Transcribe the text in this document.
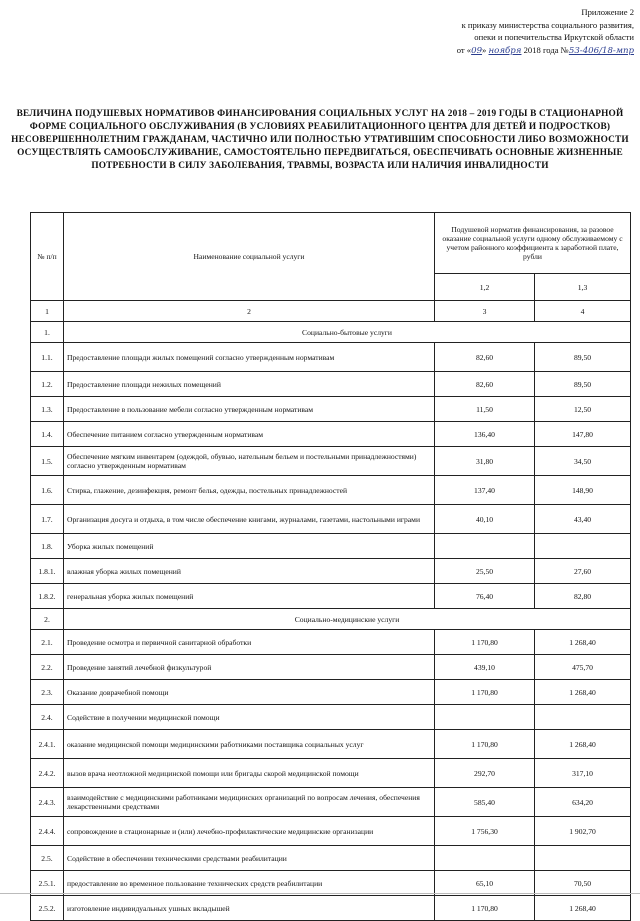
Приложение 2
к приказу министерства социального развития,
опеки и попечительства Иркутской области
от «09» ноября 2018 года №53-406/18-мпр
ВЕЛИЧИНА ПОДУШЕВЫХ НОРМАТИВОВ ФИНАНСИРОВАНИЯ СОЦИАЛЬНЫХ УСЛУГ НА 2018 – 2019 ГОДЫ В СТАЦИОНАРНОЙ ФОРМЕ СОЦИАЛЬНОГО ОБСЛУЖИВАНИЯ (В УСЛОВИЯХ РЕАБИЛИТАЦИОННОГО ЦЕНТРА ДЛЯ ДЕТЕЙ И ПОДРОСТКОВ) НЕСОВЕРШЕННОЛЕТНИМ ГРАЖДАНАМ, ЧАСТИЧНО ИЛИ ПОЛНОСТЬЮ УТРАТИВШИМ СПОСОБНОСТИ ЛИБО ВОЗМОЖНОСТИ ОСУЩЕСТВЛЯТЬ САМООБСЛУЖИВАНИЕ, САМОСТОЯТЕЛЬНО ПЕРЕДВИГАТЬСЯ, ОБЕСПЕЧИВАТЬ ОСНОВНЫЕ ЖИЗНЕННЫЕ ПОТРЕБНОСТИ В СИЛУ ЗАБОЛЕВАНИЯ, ТРАВМЫ, ВОЗРАСТА ИЛИ НАЛИЧИЯ ИНВАЛИДНОСТИ
№ п/п	Наименование социальной услуги	Подушевой норматив финансирования, за разовое оказание социальной услуги одному обслуживаемому с учетом районного коэффициента к заработной плате, рубли	
		1,2	1,3
1	2	3	4
1.	Социально-бытовые услуги		
1.1.	Предоставление площади жилых помещений согласно утвержденным нормативам	82,60	89,50
1.2.	Предоставление площади нежилых помещений	82,60	89,50
1.3.	Предоставление в пользование мебели согласно утвержденным нормативам	11,50	12,50
1.4.	Обеспечение питанием согласно утвержденным нормативам	136,40	147,80
1.5.	Обеспечение мягким инвентарем (одеждой, обувью, нательным бельем и постельными принадлежностями) согласно утвержденным нормативам	31,80	34,50
1.6.	Стирка, глажение, дезинфекция, ремонт белья, одежды, постельных принадлежностей	137,40	148,90
1.7.	Организация досуга и отдыха, в том числе обеспечение книгами, журналами, газетами, настольными играми	40,10	43,40
1.8.	Уборка жилых помещений		
1.8.1.	влажная уборка жилых помещений	25,50	27,60
1.8.2.	генеральная уборка жилых помещений	76,40	82,80
2.	Социально-медицинские услуги		
2.1.	Проведение осмотра и первичной санитарной обработки	1 170,80	1 268,40
2.2.	Проведение занятий лечебной физкультурой	439,10	475,70
2.3.	Оказание доврачебной помощи	1 170,80	1 268,40
2.4.	Содействие в получении медицинской помощи		
2.4.1.	оказание медицинской помощи медицинскими работниками поставщика социальных услуг	1 170,80	1 268,40
2.4.2.	вызов врача неотложной медицинской помощи или бригады скорой медицинской помощи	292,70	317,10
2.4.3.	взаимодействие с медицинскими работниками медицинских организаций по вопросам лечения, обеспечения лекарственными средствами	585,40	634,20
2.4.4.	сопровождение в стационарные и (или) лечебно-профилактические медицинские организации	1 756,30	1 902,70
2.5.	Содействие в обеспечении техническими средствами реабилитации		
2.5.1.	предоставление во временное пользование технических средств реабилитации	65,10	70,50
2.5.2.	изготовление индивидуальных ушных вкладышей	1 170,80	1 268,40
